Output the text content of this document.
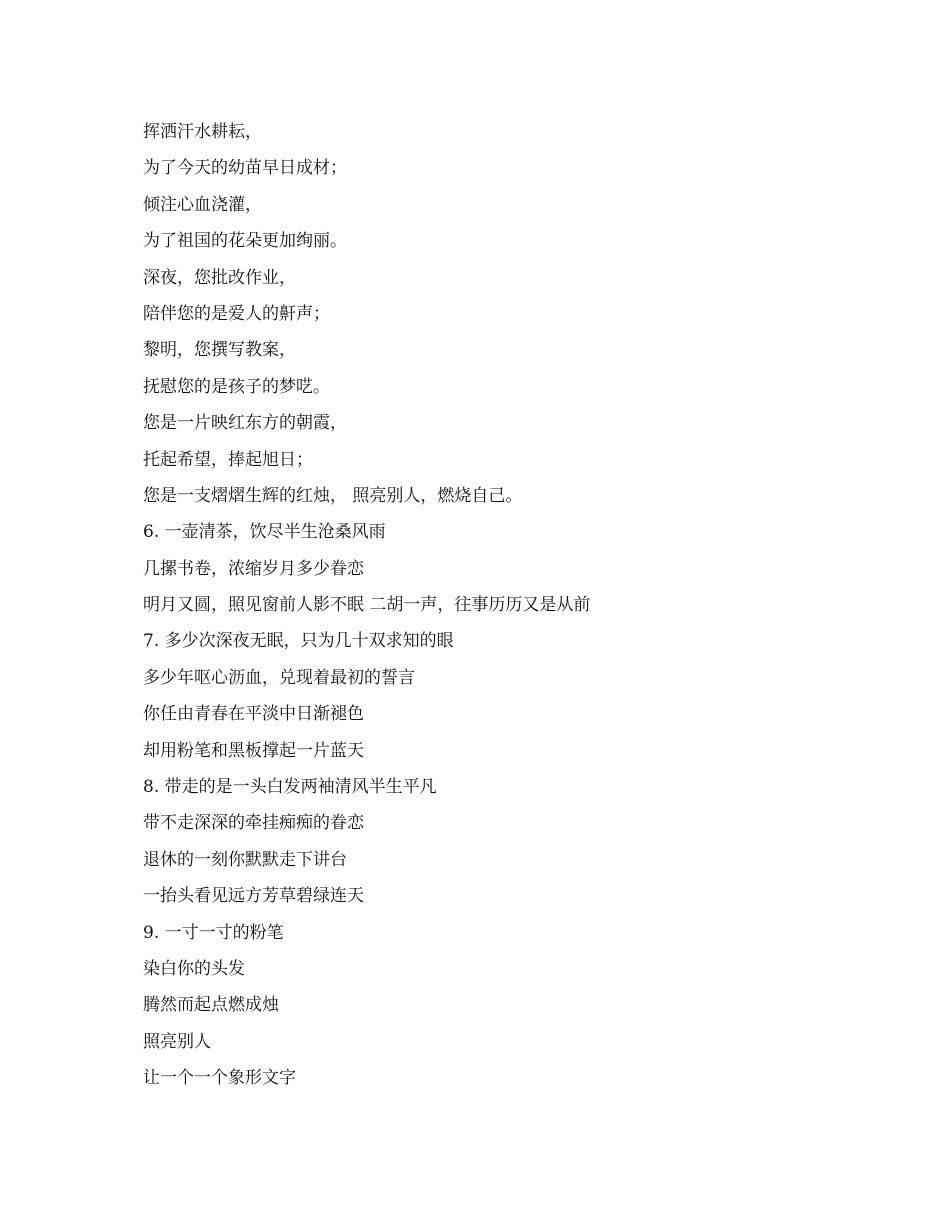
挥洒汗水耕耘，
为了今天的幼苗早日成材；
倾注心血浇灌，
为了祖国的花朵更加绚丽。
深夜，您批改作业，
陪伴您的是爱人的鼾声；
黎明，您撰写教案，
抚慰您的是孩子的梦呓。
您是一片映红东方的朝霞，
托起希望，捧起旭日；
您是一支熠熠生辉的红烛， 照亮别人，燃烧自己。
6. 一壶清茶，饮尽半生沧桑风雨
几摞书卷，浓缩岁月多少眷恋
明月又圆，照见窗前人影不眠 二胡一声，往事历历又是从前
7. 多少次深夜无眠，只为几十双求知的眼
多少年呕心沥血，兑现着最初的誓言
你任由青春在平淡中日渐褪色
却用粉笔和黑板撑起一片蓝天
8. 带走的是一头白发两袖清风半生平凡
带不走深深的牵挂痴痴的眷恋
退休的一刻你默默走下讲台
一抬头看见远方芳草碧绿连天
9. 一寸一寸的粉笔
染白你的头发
腾然而起点燃成烛
照亮别人
让一个一个象形文字
